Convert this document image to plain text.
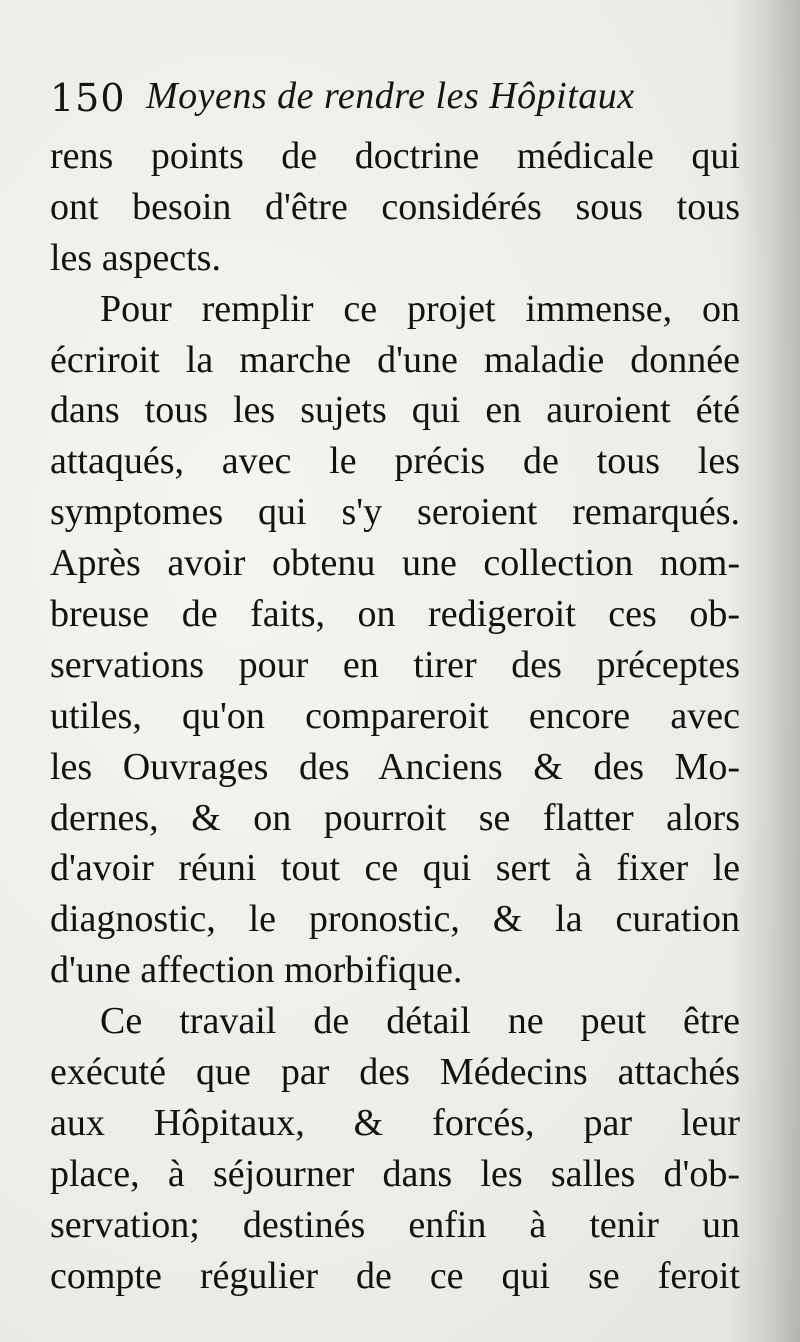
150 Moyens de rendre les Hôpitaux
rens points de doctrine médicale qui
ont besoin d'être considérés sous tous
les aspects.
Pour remplir ce projet immense, on
écriroit la marche d'une maladie donnée
dans tous les sujets qui en auroient été
attaqués, avec le précis de tous les
symptomes qui s'y seroient remarqués.
Après avoir obtenu une collection nom-
breuse de faits, on redigeroit ces ob-
servations pour en tirer des préceptes
utiles, qu'on compareroit encore avec
les Ouvrages des Anciens & des Mo-
dernes, & on pourroit se flatter alors
d'avoir réuni tout ce qui sert à fixer le
diagnostic, le pronostic, & la curation
d'une affection morbifique.
Ce travail de détail ne peut être
exécuté que par des Médecins attachés
aux Hôpitaux, & forcés, par leur
place, à séjourner dans les salles d'ob-
servation; destinés enfin à tenir un
compte régulier de ce qui se feroit
